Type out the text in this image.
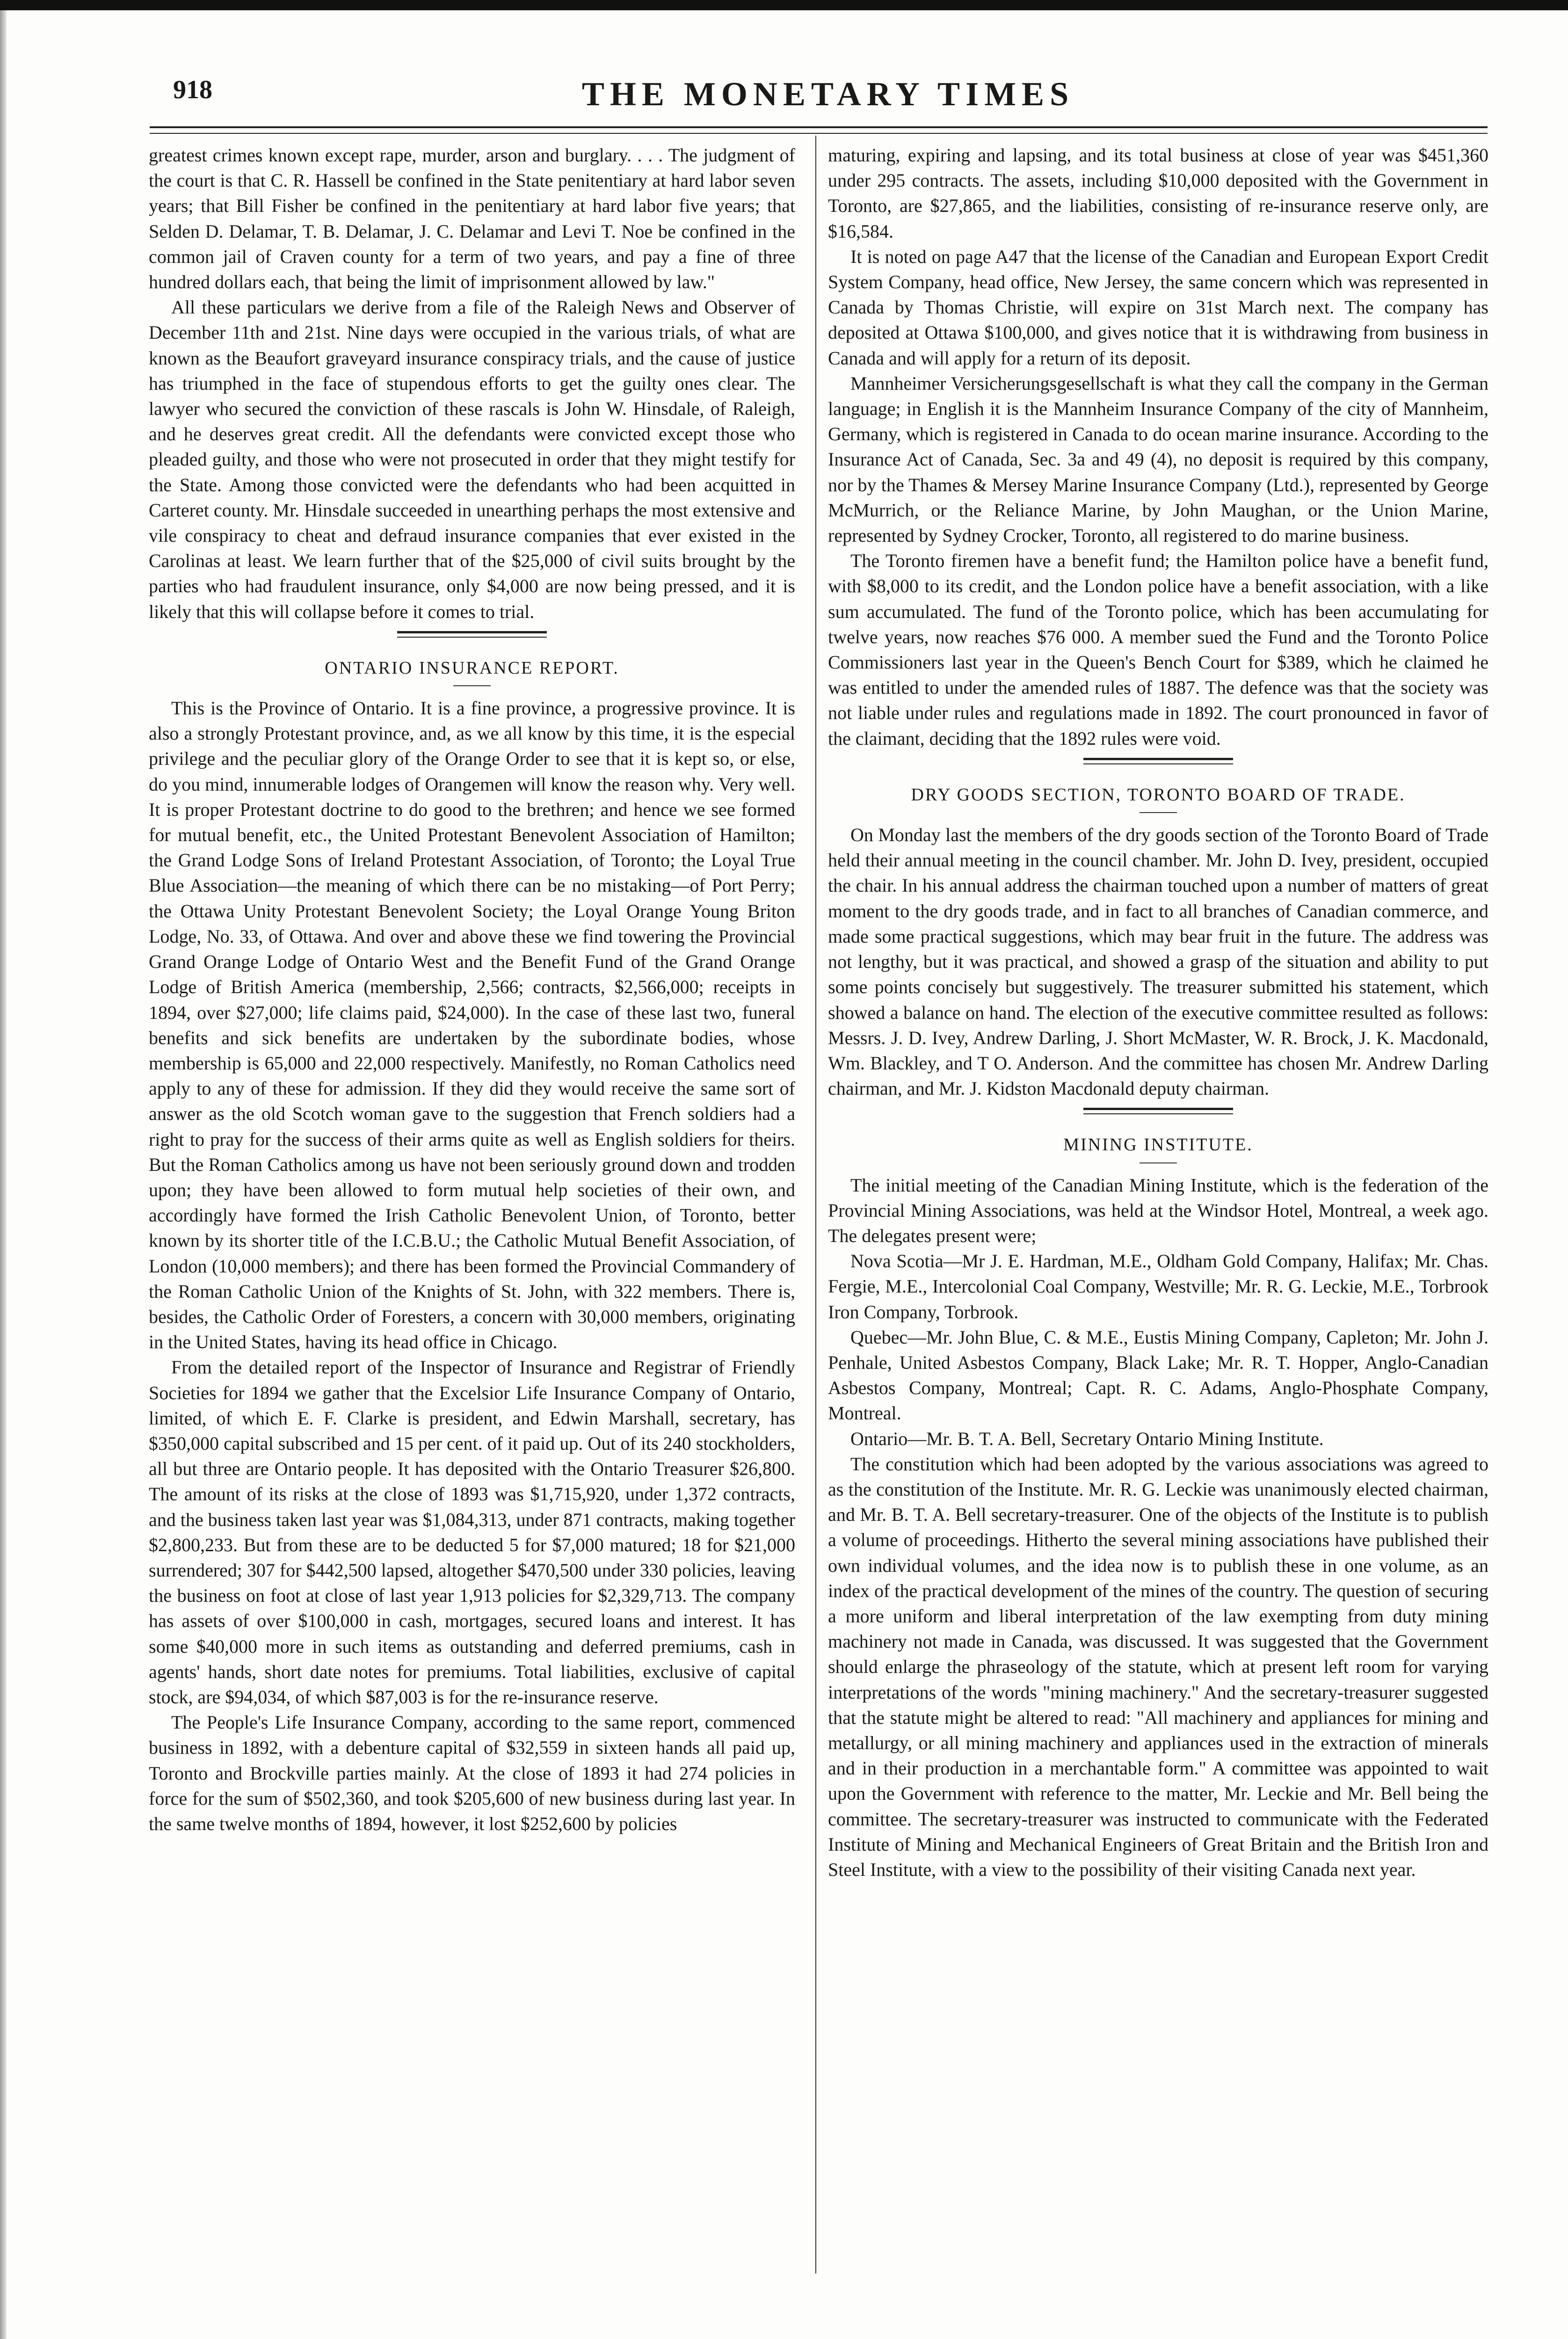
918	THE MONETARY TIMES

greatest crimes known except rape, murder, arson and burglary. . . . The judgment of the court is that C. R. Hassell be confined in the State penitentiary at hard labor seven years; that Bill Fisher be confined in the penitentiary at hard labor five years; that Selden D. Delamar, T. B. Delamar, J. C. Delamar and Levi T. Noe be confined in the common jail of Craven county for a term of two years, and pay a fine of three hundred dollars each, that being the limit of imprisonment allowed by law."

All these particulars we derive from a file of the Raleigh News and Observer of December 11th and 21st. Nine days were occupied in the various trials, of what are known as the Beaufort graveyard insurance conspiracy trials, and the cause of justice has triumphed in the face of stupendous efforts to get the guilty ones clear. The lawyer who secured the conviction of these rascals is John W. Hinsdale, of Raleigh, and he deserves great credit. All the defendants were convicted except those who pleaded guilty, and those who were not prosecuted in order that they might testify for the State. Among those convicted were the defendants who had been acquitted in Carteret county. Mr. Hinsdale succeeded in unearthing perhaps the most extensive and vile conspiracy to cheat and defraud insurance companies that ever existed in the Carolinas at least. We learn further that of the $25,000 of civil suits brought by the parties who had fraudulent insurance, only $4,000 are now being pressed, and it is likely that this will collapse before it comes to trial.

ONTARIO INSURANCE REPORT.

This is the Province of Ontario. It is a fine province, a progressive province. It is also a strongly Protestant province, and, as we all know by this time, it is the especial privilege and the peculiar glory of the Orange Order to see that it is kept so, or else, do you mind, innumerable lodges of Orangemen will know the reason why. Very well. It is proper Protestant doctrine to do good to the brethren; and hence we see formed for mutual benefit, etc., the United Protestant Benevolent Association of Hamilton; the Grand Lodge Sons of Ireland Protestant Association, of Toronto; the Loyal True Blue Association—the meaning of which there can be no mistaking—of Port Perry; the Ottawa Unity Protestant Benevolent Society; the Loyal Orange Young Briton Lodge, No. 33, of Ottawa. And over and above these we find towering the Provincial Grand Orange Lodge of Ontario West and the Benefit Fund of the Grand Orange Lodge of British America (membership, 2,566; contracts, $2,566,000; receipts in 1894, over $27,000; life claims paid, $24,000). In the case of these last two, funeral benefits and sick benefits are undertaken by the subordinate bodies, whose membership is 65,000 and 22,000 respectively. Manifestly, no Roman Catholics need apply to any of these for admission. If they did they would receive the same sort of answer as the old Scotch woman gave to the suggestion that French soldiers had a right to pray for the success of their arms quite as well as English soldiers for theirs. But the Roman Catholics among us have not been seriously ground down and trodden upon; they have been allowed to form mutual help societies of their own, and accordingly have formed the Irish Catholic Benevolent Union, of Toronto, better known by its shorter title of the I.C.B.U.; the Catholic Mutual Benefit Association, of London (10,000 members); and there has been formed the Provincial Commandery of the Roman Catholic Union of the Knights of St. John, with 322 members. There is, besides, the Catholic Order of Foresters, a concern with 30,000 members, originating in the United States, having its head office in Chicago.

From the detailed report of the Inspector of Insurance and Registrar of Friendly Societies for 1894 we gather that the Excelsior Life Insurance Company of Ontario, limited, of which E. F. Clarke is president, and Edwin Marshall, secretary, has $350,000 capital subscribed and 15 per cent. of it paid up. Out of its 240 stockholders, all but three are Ontario people. It has deposited with the Ontario Treasurer $26,800. The amount of its risks at the close of 1893 was $1,715,920, under 1,372 contracts, and the business taken last year was $1,084,313, under 871 contracts, making together $2,800,233. But from these are to be deducted 5 for $7,000 matured; 18 for $21,000 surrendered; 307 for $442,500 lapsed, altogether $470,500 under 330 policies, leaving the business on foot at close of last year 1,913 policies for $2,329,713. The company has assets of over $100,000 in cash, mortgages, secured loans and interest. It has some $40,000 more in such items as outstanding and deferred premiums, cash in agents' hands, short date notes for premiums. Total liabilities, exclusive of capital stock, are $94,034, of which $87,003 is for the re-insurance reserve.

The People's Life Insurance Company, according to the same report, commenced business in 1892, with a debenture capital of $32,559 in sixteen hands all paid up, Toronto and Brockville parties mainly. At the close of 1893 it had 274 policies in force for the sum of $502,360, and took $205,600 of new business during last year. In the same twelve months of 1894, however, it lost $252,600 by policies

maturing, expiring and lapsing, and its total business at close of year was $451,360 under 295 contracts. The assets, including $10,000 deposited with the Government in Toronto, are $27,865, and the liabilities, consisting of re-insurance reserve only, are $16,584.

It is noted on page A47 that the license of the Canadian and European Export Credit System Company, head office, New Jersey, the same concern which was represented in Canada by Thomas Christie, will expire on 31st March next. The company has deposited at Ottawa $100,000, and gives notice that it is withdrawing from business in Canada and will apply for a return of its deposit.

Mannheimer Versicherungsgesellschaft is what they call the company in the German language; in English it is the Mannheim Insurance Company of the city of Mannheim, Germany, which is registered in Canada to do ocean marine insurance. According to the Insurance Act of Canada, Sec. 3a and 49 (4), no deposit is required by this company, nor by the Thames & Mersey Marine Insurance Company (Ltd.), represented by George McMurrich, or the Reliance Marine, by John Maughan, or the Union Marine, represented by Sydney Crocker, Toronto, all registered to do marine business.

The Toronto firemen have a benefit fund; the Hamilton police have a benefit fund, with $8,000 to its credit, and the London police have a benefit association, with a like sum accumulated. The fund of the Toronto police, which has been accumulating for twelve years, now reaches $76 000. A member sued the Fund and the Toronto Police Commissioners last year in the Queen's Bench Court for $389, which he claimed he was entitled to under the amended rules of 1887. The defence was that the society was not liable under rules and regulations made in 1892. The court pronounced in favor of the claimant, deciding that the 1892 rules were void.

DRY GOODS SECTION, TORONTO BOARD OF TRADE.

On Monday last the members of the dry goods section of the Toronto Board of Trade held their annual meeting in the council chamber. Mr. John D. Ivey, president, occupied the chair. In his annual address the chairman touched upon a number of matters of great moment to the dry goods trade, and in fact to all branches of Canadian commerce, and made some practical suggestions, which may bear fruit in the future. The address was not lengthy, but it was practical, and showed a grasp of the situation and ability to put some points concisely but suggestively. The treasurer submitted his statement, which showed a balance on hand. The election of the executive committee resulted as follows: Messrs. J. D. Ivey, Andrew Darling, J. Short McMaster, W. R. Brock, J. K. Macdonald, Wm. Blackley, and T O. Anderson. And the committee has chosen Mr. Andrew Darling chairman, and Mr. J. Kidston Macdonald deputy chairman.

MINING INSTITUTE.

The initial meeting of the Canadian Mining Institute, which is the federation of the Provincial Mining Associations, was held at the Windsor Hotel, Montreal, a week ago. The delegates present were;

Nova Scotia—Mr J. E. Hardman, M.E., Oldham Gold Company, Halifax; Mr. Chas. Fergie, M.E., Intercolonial Coal Company, Westville; Mr. R. G. Leckie, M.E., Torbrook Iron Company, Torbrook.

Quebec—Mr. John Blue, C. & M.E., Eustis Mining Company, Capleton; Mr. John J. Penhale, United Asbestos Company, Black Lake; Mr. R. T. Hopper, Anglo-Canadian Asbestos Company, Montreal; Capt. R. C. Adams, Anglo-Phosphate Company, Montreal.

Ontario—Mr. B. T. A. Bell, Secretary Ontario Mining Institute.

The constitution which had been adopted by the various associations was agreed to as the constitution of the Institute. Mr. R. G. Leckie was unanimously elected chairman, and Mr. B. T. A. Bell secretary-treasurer. One of the objects of the Institute is to publish a volume of proceedings. Hitherto the several mining associations have published their own individual volumes, and the idea now is to publish these in one volume, as an index of the practical development of the mines of the country. The question of securing a more uniform and liberal interpretation of the law exempting from duty mining machinery not made in Canada, was discussed. It was suggested that the Government should enlarge the phraseology of the statute, which at present left room for varying interpretations of the words "mining machinery." And the secretary-treasurer suggested that the statute might be altered to read: "All machinery and appliances for mining and metallurgy, or all mining machinery and appliances used in the extraction of minerals and in their production in a merchantable form." A committee was appointed to wait upon the Government with reference to the matter, Mr. Leckie and Mr. Bell being the committee. The secretary-treasurer was instructed to communicate with the Federated Institute of Mining and Mechanical Engineers of Great Britain and the British Iron and Steel Institute, with a view to the possibility of their visiting Canada next year.
